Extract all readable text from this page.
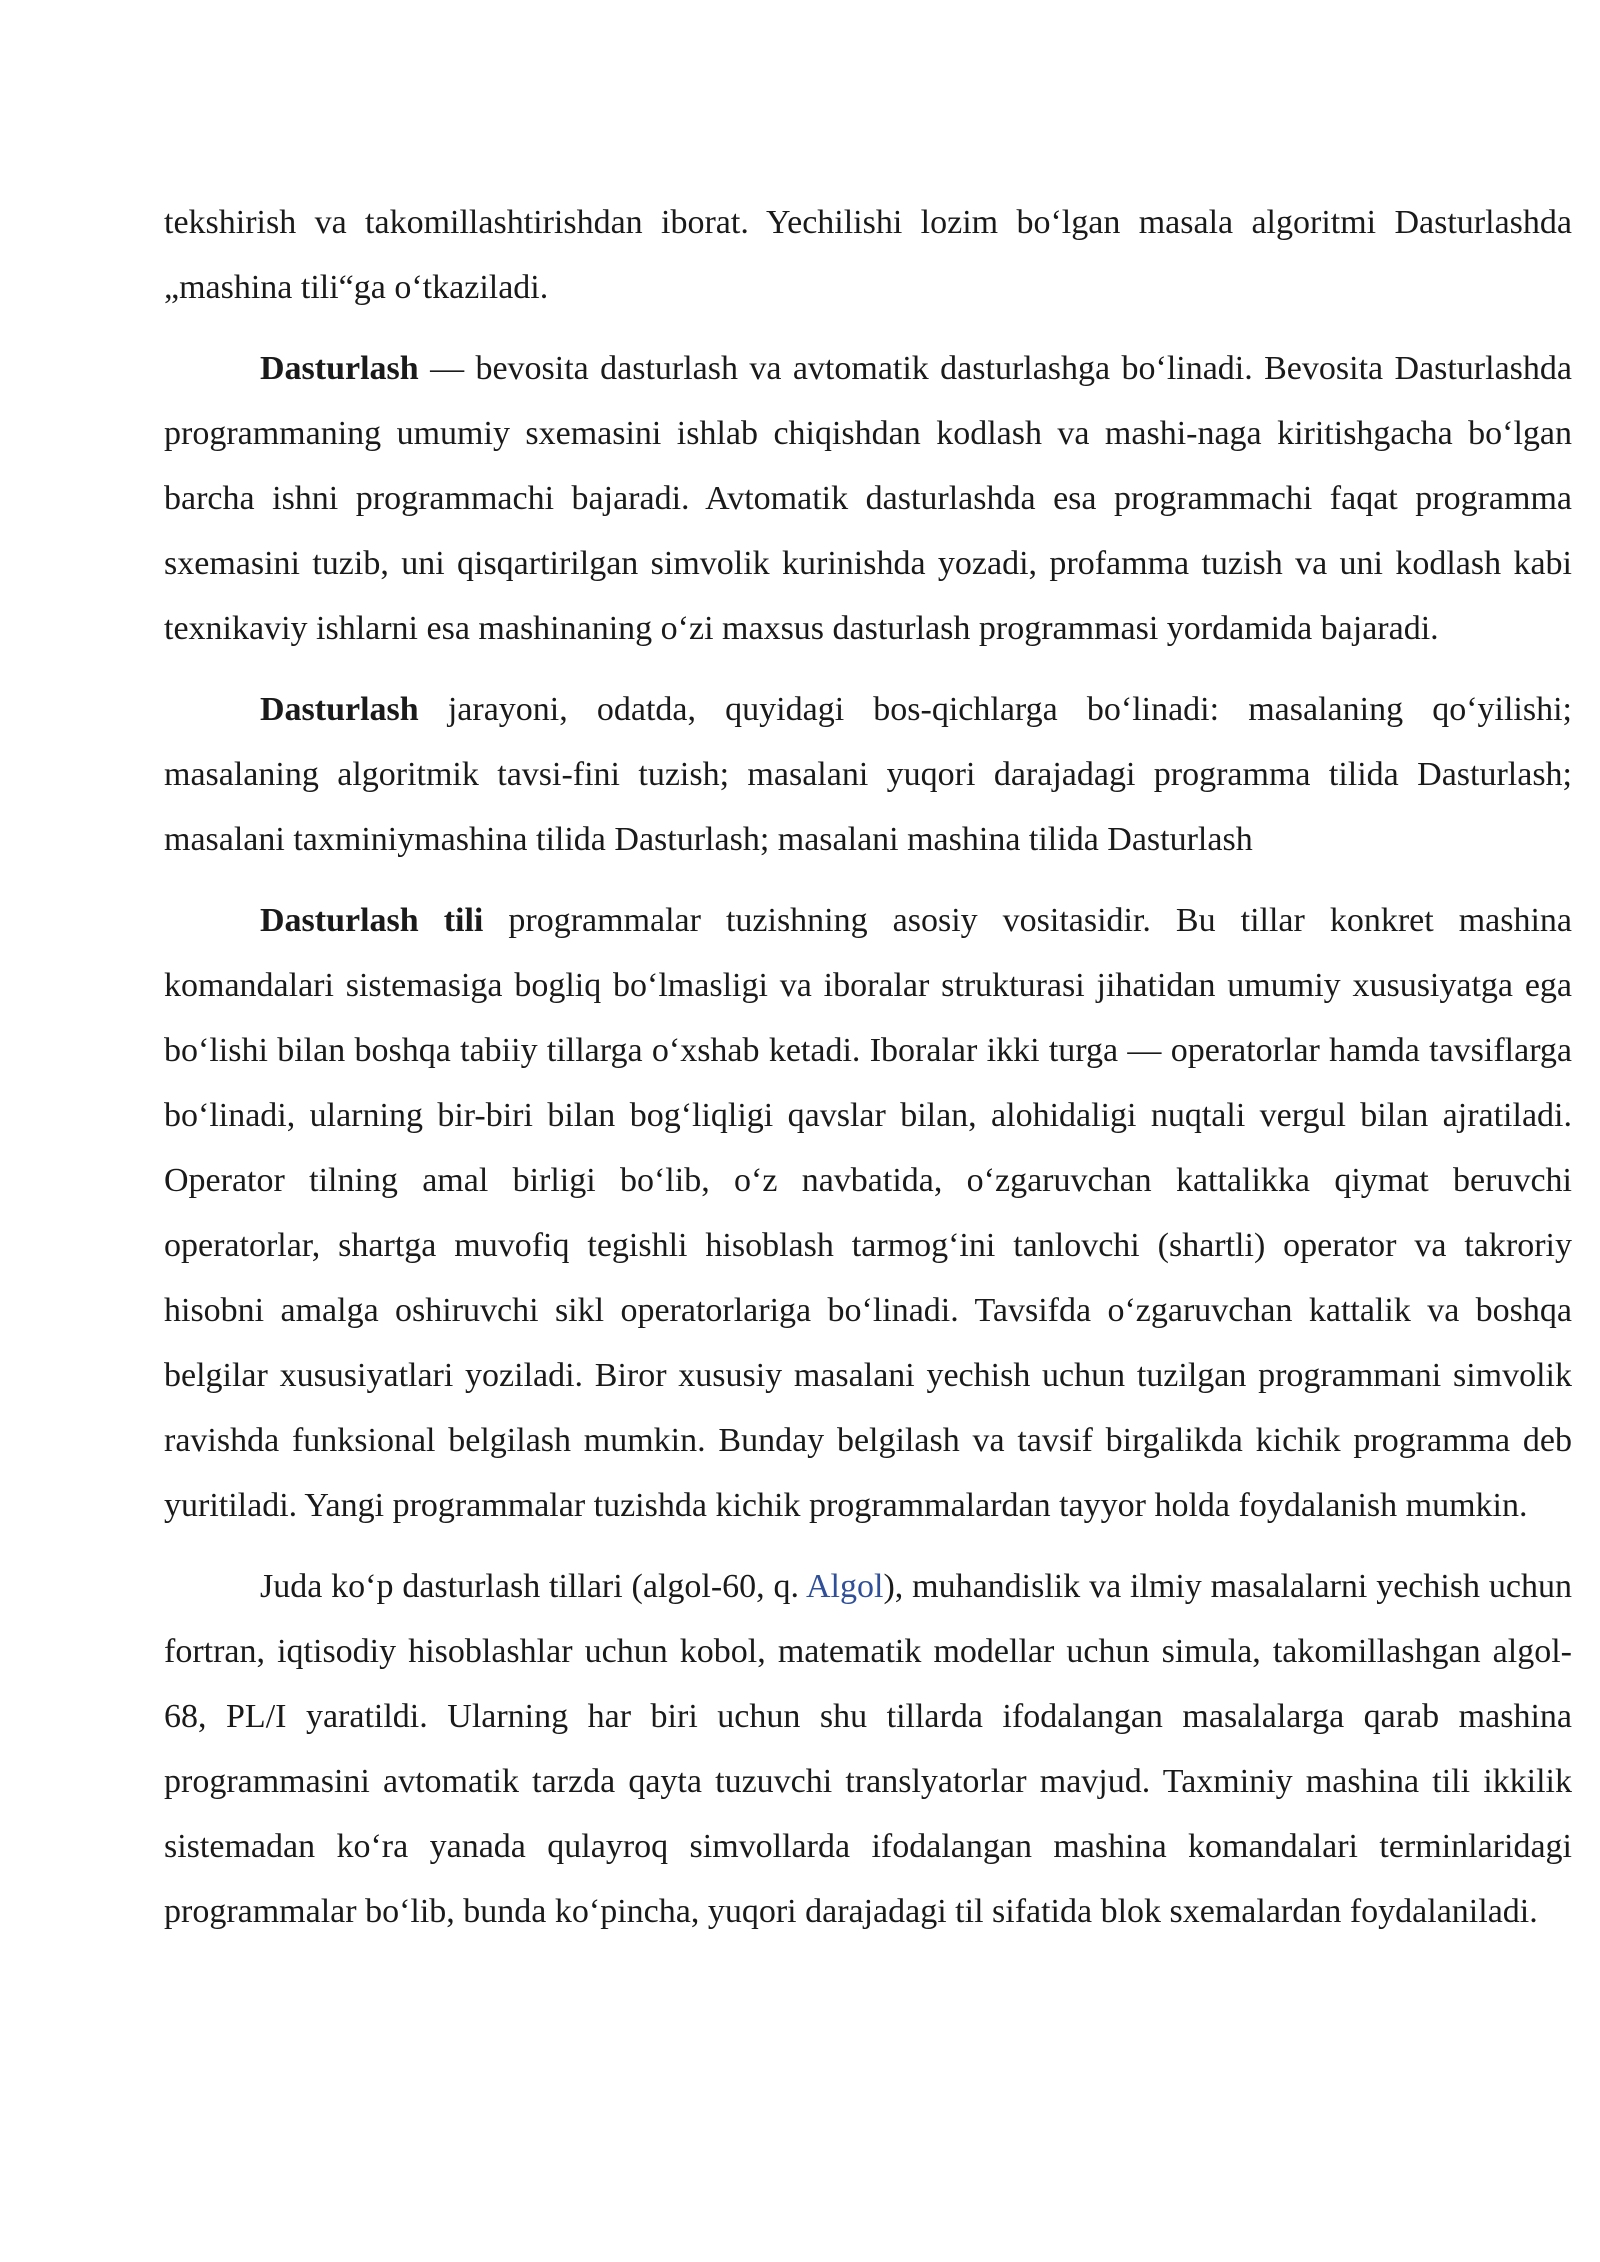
tekshirish va takomillashtirishdan iborat. Yechilishi lozim bo‘lgan masala algoritmi Dasturlashda „mashina tili“ga o‘tkaziladi.

Dasturlash — bevosita dasturlash va avtomatik dasturlashga bo‘linadi. Bevosita Dasturlashda programmaning umumiy sxemasini ishlab chiqishdan kodlash va mashi-naga kiritishgacha bo‘lgan barcha ishni programmachi bajaradi. Avtomatik dasturlashda esa programmachi faqat programma sxemasini tuzib, uni qisqartirilgan simvolik kurinishda yozadi, profamma tuzish va uni kodlash kabi texnikaviy ishlarni esa mashinaning o‘zi maxsus dasturlash programmasi yordamida bajaradi.

Dasturlash jarayoni, odatda, quyidagi bos-qichlarga bo‘linadi: masalaning qo‘yilishi; masalaning algoritmik tavsi-fini tuzish; masalani yuqori darajadagi programma tilida Dasturlash; masalani taxminiymashina tilida Dasturlash; masalani mashina tilida Dasturlash

Dasturlash tili programmalar tuzishning asosiy vositasidir. Bu tillar konkret mashina komandalari sistemasiga bogliq bo‘lmasligi va iboralar strukturasi jihatidan umumiy xususiyatga ega bo‘lishi bilan boshqa tabiiy tillarga o‘xshab ketadi. Iboralar ikki turga — operatorlar hamda tavsiflarga bo‘linadi, ularning bir-biri bilan bog‘liqligi qavslar bilan, alohidaligi nuqtali vergul bilan ajratiladi. Operator tilning amal birligi bo‘lib, o‘z navbatida, o‘zgaruvchan kattalikka qiymat beruvchi operatorlar, shartga muvofiq tegishli hisoblash tarmog‘ini tanlovchi (shartli) operator va takroriy hisobni amalga oshiruvchi sikl operatorlariga bo‘linadi. Tavsifda o‘zgaruvchan kattalik va boshqa belgilar xususiyatlari yoziladi. Biror xususiy masalani yechish uchun tuzilgan programmani simvolik ravishda funksional belgilash mumkin. Bunday belgilash va tavsif birgalikda kichik programma deb yuritiladi. Yangi programmalar tuzishda kichik programmalardan tayyor holda foydalanish mumkin.

Juda ko‘p dasturlash tillari (algol-60, q. Algol), muhandislik va ilmiy masalalarni yechish uchun fortran, iqtisodiy hisoblashlar uchun kobol, matematik modellar uchun simula, takomillashgan algol-68, PL/I yaratildi. Ularning har biri uchun shu tillarda ifodalangan masalalarga qarab mashina programmasini avtomatik tarzda qayta tuzuvchi translyatorlar mavjud. Taxminiy mashina tili ikkilik sistemadan ko‘ra yanada qulayroq simvollarda ifodalangan mashina komandalari terminlaridagi programmalar bo‘lib, bunda ko‘pincha, yuqori darajadagi til sifatida blok sxemalardan foydalaniladi.
